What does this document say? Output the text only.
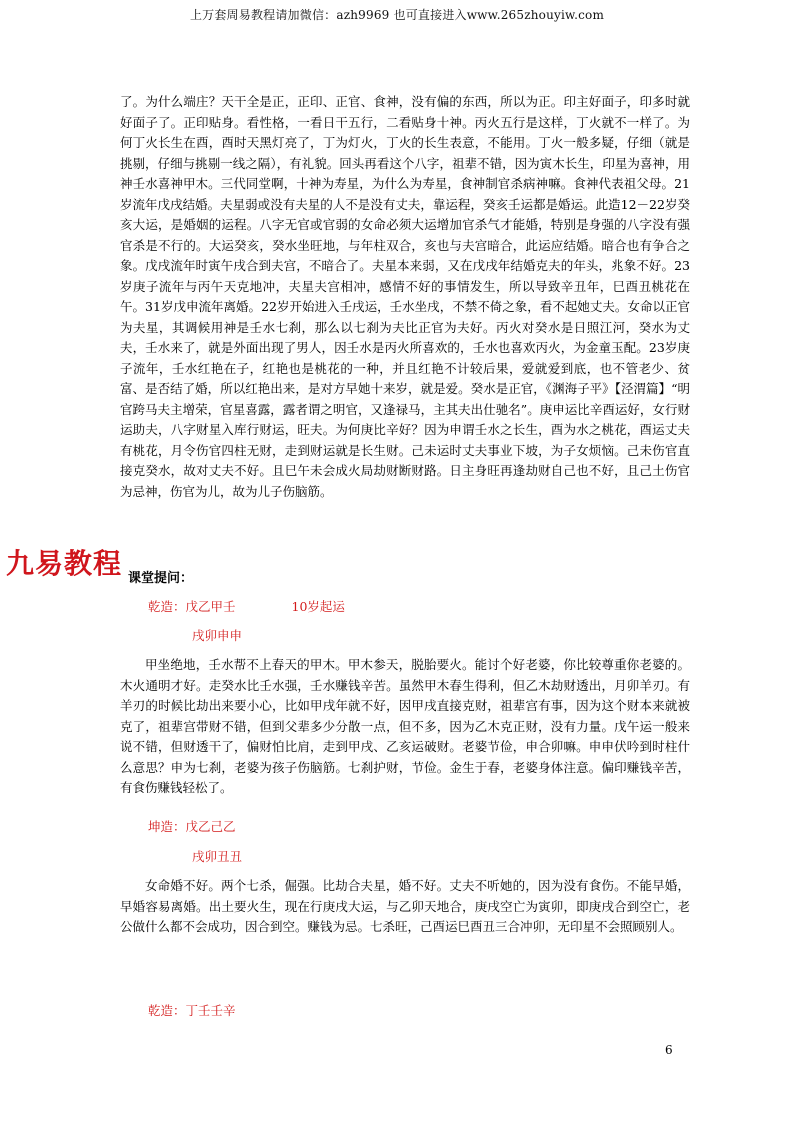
上万套周易教程请加微信：azh9969 也可直接进入www.265zhouyiw.com

了。为什么端庄？天干全是正，正印、正官、食神，没有偏的东西，所以为正。印主好面子，印多时就好面子了。正印贴身。看性格，一看日干五行，二看贴身十神。丙火五行是这样，丁火就不一样了。为何丁火长生在酉，酉时天黑灯亮了，丁为灯火，丁火的长生表意，不能用。丁火一般多疑，仔细（就是挑剔，仔细与挑剔一线之隔），有礼貌。回头再看这个八字，祖辈不错，因为寅木长生，印星为喜神，用神壬水喜神甲木。三代同堂啊，十神为寿星，为什么为寿星，食神制官杀病神嘛。食神代表祖父母。21岁流年戊戌结婚。夫星弱或没有夫星的人不是没有丈夫，靠运程，癸亥壬运都是婚运。此造12－22岁癸亥大运，是婚姻的运程。八字无官或官弱的女命必须大运增加官杀气才能婚，特别是身强的八字没有强官杀是不行的。大运癸亥，癸水坐旺地，与年柱双合，亥也与夫宫暗合，此运应结婚。暗合也有争合之象。戊戌流年时寅午戌合到夫宫，不暗合了。夫星本来弱，又在戊戌年结婚克夫的年头，兆象不好。23岁庚子流年与丙午天克地冲，夫星夫宫相冲，感情不好的事情发生，所以导致辛丑年，巳酉丑桃花在午。31岁戊申流年离婚。22岁开始进入壬戌运，壬水坐戌，不禁不倚之象，看不起她丈夫。女命以正官为夫星，其调候用神是壬水七刹，那么以七刹为夫比正官为夫好。丙火对癸水是日照江河，癸水为丈夫，壬水来了，就是外面出现了男人，因壬水是丙火所喜欢的，壬水也喜欢丙火，为金童玉配。23岁庚子流年，壬水红艳在子，红艳也是桃花的一种，并且红艳不计较后果，爱就爱到底，也不管老少、贫富、是否结了婚，所以红艳出来，是对方早她十来岁，就是爱。癸水是正官，《渊海子平》【泾渭篇】“明官跨马夫主增荣，官星喜露，露者谓之明官，又逢禄马，主其夫出仕驰名”。庚申运比辛酉运好，女行财运助夫，八字财星入库行财运，旺夫。为何庚比辛好？因为申谓壬水之长生，酉为水之桃花，酉运丈夫有桃花，月令伤官四柱无财，走到财运就是长生财。己未运时丈夫事业下坡，为子女烦恼。己未伤官直接克癸水，故对丈夫不好。且巳午未会成火局劫财断财路。日主身旺再逢劫财自己也不好，且己土伤官为忌神，伤官为儿，故为儿子伤脑筋。

九易教程 课堂提问：

乾造：戊乙甲壬	10岁起运

戌卯申申

甲坐绝地，壬水帮不上春天的甲木。甲木参天，脱胎要火。能讨个好老婆，你比较尊重你老婆的。木火通明才好。走癸水比壬水强，壬水赚钱辛苦。虽然甲木春生得利，但乙木劫财透出，月卯羊刃。有羊刃的时候比劫出来要小心，比如甲戌年就不好，因甲戌直接克财，祖辈宫有事，因为这个财本来就被克了，祖辈宫带财不错，但到父辈多少分散一点，但不多，因为乙木克正财，没有力量。戊午运一般来说不错，但财透干了，偏财怕比肩，走到甲戌、乙亥运破财。老婆节俭，申合卯嘛。申申伏吟到时柱什么意思？申为七刹，老婆为孩子伤脑筋。七刹护财，节俭。金生于春，老婆身体注意。偏印赚钱辛苦，有食伤赚钱轻松了。

坤造：戊乙己乙

戌卯丑丑

女命婚不好。两个七杀，倔强。比劫合夫星，婚不好。丈夫不听她的，因为没有食伤。不能早婚，早婚容易离婚。出土要火生，现在行庚戌大运，与乙卯天地合，庚戌空亡为寅卯，即庚戌合到空亡，老公做什么都不会成功，因合到空。赚钱为忌。七杀旺，己酉运巳酉丑三合冲卯，无印星不会照顾别人。

乾造：丁壬壬辛

6
